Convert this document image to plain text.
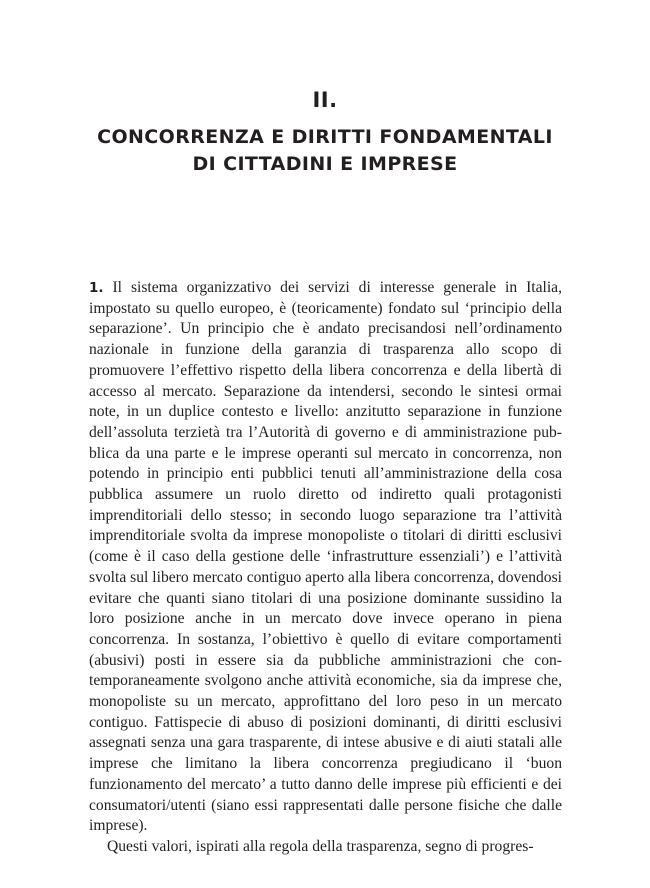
II.
CONCORRENZA E DIRITTI FONDAMENTALI
DI CITTADINI E IMPRESE

1. Il sistema organizzativo dei servizi di interesse generale in Italia, impostato su quello europeo, è (teoricamente) fondato sul ‘principio della separazione’. Un principio che è andato precisandosi nell’ordinamento nazionale in funzione della garanzia di trasparenza allo scopo di promuovere l’effettivo rispetto della libera concorrenza e della libertà di accesso al mercato. Separazione da intendersi, secondo le sintesi ormai note, in un duplice contesto e livello: anzitutto separazione in funzione dell’assoluta terzietà tra l’Autorità di governo e di amministrazione pubblica da una parte e le imprese operanti sul mercato in concorrenza, non potendo in principio enti pubblici tenuti all’amministrazione della cosa pubblica assumere un ruolo diretto od indiretto quali protagonisti imprenditoriali dello stesso; in secondo luogo separazione tra l’attività imprenditoriale svolta da imprese monopoliste o titolari di diritti esclusivi (come è il caso della gestione delle ‘infrastrutture essenziali’) e l’attività svolta sul libero mercato contiguo aperto alla libera concorrenza, dovendosi evitare che quanti siano titolari di una posizione dominante sussidino la loro posizione anche in un mercato dove invece operano in piena concorrenza. In sostanza, l’obiettivo è quello di evitare comportamenti (abusivi) posti in essere sia da pubbliche amministrazioni che contemporaneamente svolgono anche attività economiche, sia da imprese che, monopoliste su un mercato, approfittano del loro peso in un mercato contiguo. Fattispecie di abuso di posizioni dominanti, di diritti esclusivi assegnati senza una gara trasparente, di intese abusive e di aiuti statali alle imprese che limitano la libera concorrenza pregiudicano il ‘buon funzionamento del mercato’ a tutto danno delle imprese più efficienti e dei consumatori/utenti (siano essi rappresentati dalle persone fisiche che dalle imprese).

Questi valori, ispirati alla regola della trasparenza, segno di progres-
